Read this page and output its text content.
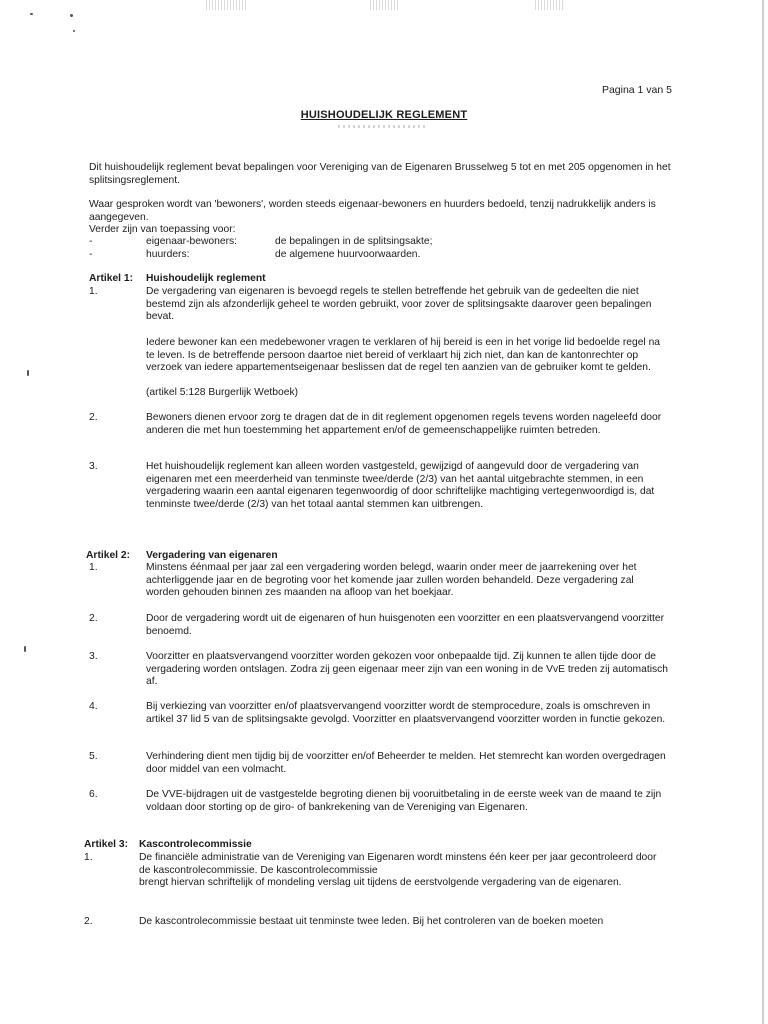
Pagina 1 van 5
HUISHOUDELIJK REGLEMENT

Dit huishoudelijk reglement bevat bepalingen voor Vereniging van de Eigenaren Brusselweg 5 tot en met 205 opgenomen in het splitsingsreglement.

Waar gesproken wordt van 'bewoners', worden steeds eigenaar-bewoners en huurders bedoeld, tenzij nadrukkelijk anders is aangegeven.

Verder zijn van toepassing voor:

-	eigenaar-bewoners:	de bepalingen in de splitsingsakte;
-	huurders:	de algemene huurvoorwaarden.
Artikel 1: Huishoudelijk reglement
1.	De vergadering van eigenaren is bevoegd regels te stellen betreffende het gebruik van de gedeelten die niet bestemd zijn als afzonderlijk geheel te worden gebruikt, voor zover de splitsingsakte daarover geen bepalingen bevat.

Iedere bewoner kan een medebewoner vragen te verklaren of hij bereid is een in het vorige lid bedoelde regel na te leven. Is de betreffende persoon daartoe niet bereid of verklaart hij zich niet, dan kan de kantonrechter op verzoek van iedere appartementseigenaar beslissen dat de regel ten aanzien van de gebruiker komt te gelden.

(artikel 5:128 Burgerlijk Wetboek)

2.	Bewoners dienen ervoor zorg te dragen dat de in dit reglement opgenomen regels tevens worden nageleefd door anderen die met hun toestemming het appartement en/of de gemeenschappelijke ruimten betreden.

3.	Het huishoudelijk reglement kan alleen worden vastgesteld, gewijzigd of aangevuld door de vergadering van eigenaren met een meerderheid van tenminste twee/derde (2/3) van het aantal uitgebrachte stemmen, in een vergadering waarin een aantal eigenaren tegenwoordig of door schriftelijke machtiging vertegenwoordigd is, dat tenminste twee/derde (2/3) van het totaal aantal stemmen kan uitbrengen.

Artikel 2: Vergadering van eigenaren
1.	Minstens éénmaal per jaar zal een vergadering worden belegd, waarin onder meer de jaarrekening over het achterliggende jaar en de begroting voor het komende jaar zullen worden behandeld. Deze vergadering zal worden gehouden binnen zes maanden na afloop van het boekjaar.

2.	Door de vergadering wordt uit de eigenaren of hun huisgenoten een voorzitter en een plaatsvervangend voorzitter benoemd.

3.	Voorzitter en plaatsvervangend voorzitter worden gekozen voor onbepaalde tijd. Zij kunnen te allen tijde door de vergadering worden ontslagen. Zodra zij geen eigenaar meer zijn van een woning in de VvE treden zij automatisch af.

4.	Bij verkiezing van voorzitter en/of plaatsvervangend voorzitter wordt de stemprocedure, zoals is omschreven in artikel 37 lid 5 van de splitsingsakte gevolgd. Voorzitter en plaatsvervangend voorzitter worden in functie gekozen.

5.	Verhindering dient men tijdig bij de voorzitter en/of Beheerder te melden. Het stemrecht kan worden overgedragen door middel van een volmacht.

6.	De VVE-bijdragen uit de vastgestelde begroting dienen bij vooruitbetaling in de eerste week van de maand te zijn voldaan door storting op de giro- of bankrekening van de Vereniging van Eigenaren.

Artikel 3: Kascontrolecommissie
1.	De financiële administratie van de Vereniging van Eigenaren wordt minstens één keer per jaar gecontroleerd door de kascontrolecommissie. De kascontrolecommissie

brengt hiervan schriftelijk of mondeling verslag uit tijdens de eerstvolgende vergadering van de eigenaren.

2.	De kascontrolecommissie bestaat uit tenminste twee leden. Bij het controleren van de boeken moeten
